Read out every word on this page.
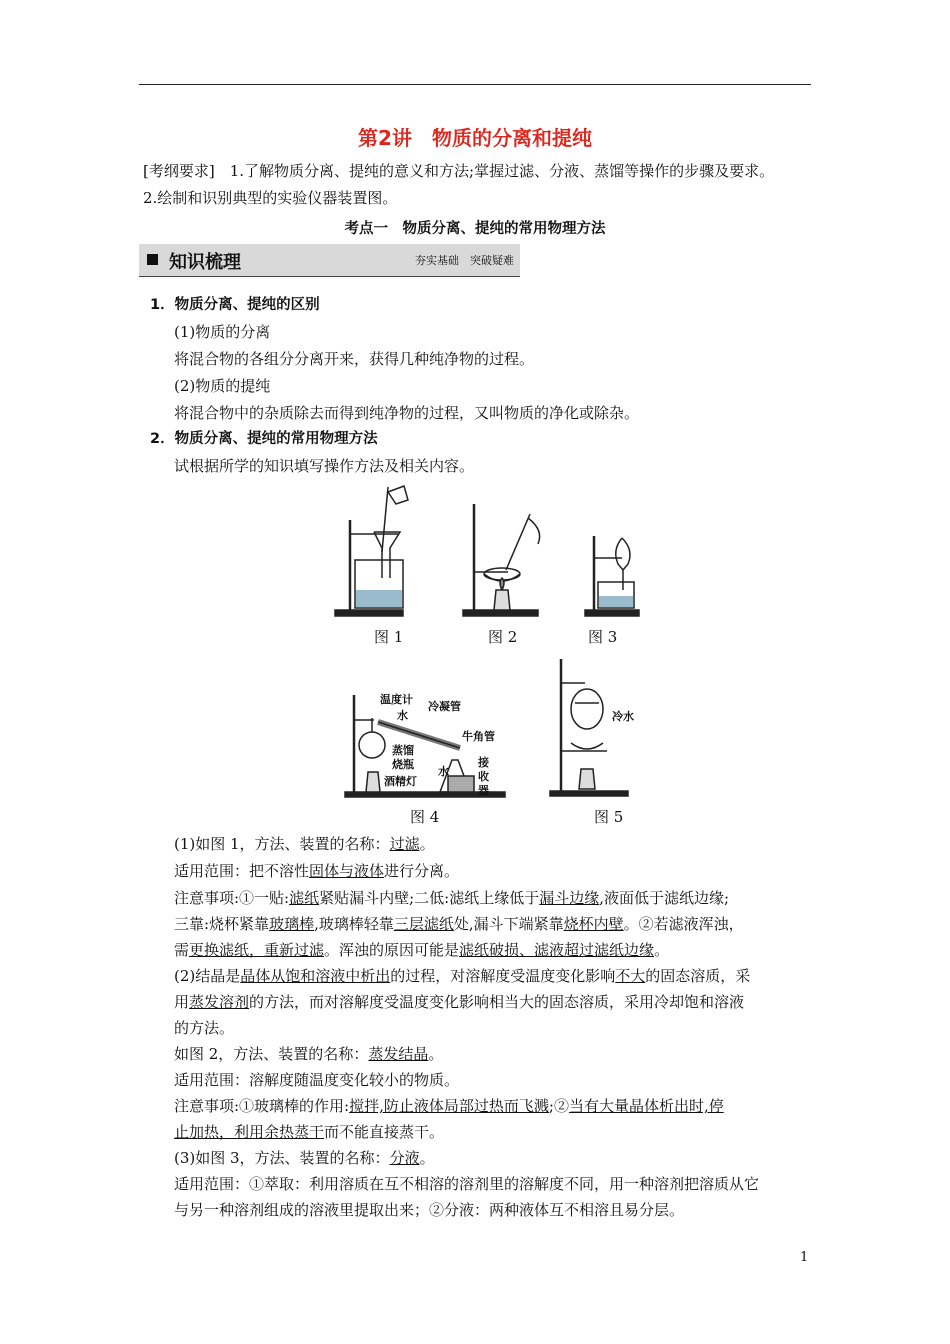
第2讲　物质的分离和提纯
[考纲要求]　1.了解物质分离、提纯的意义和方法;掌握过滤、分液、蒸馏等操作的步骤及要求。
2.绘制和识别典型的实验仪器装置图。
考点一　物质分离、提纯的常用物理方法
知识梳理	夯实基础　突破疑难
1．物质分离、提纯的区别
(1)物质的分离
将混合物的各组分分离开来，获得几种纯净物的过程。
(2)物质的提纯
将混合物中的杂质除去而得到纯净物的过程，又叫物质的净化或除杂。
2．物质分离、提纯的常用物理方法
试根据所学的知识填写操作方法及相关内容。
图 1	图 2	图 3
温度计
水
冷凝管
牛角管
蒸馏
烧瓶
酒精灯
水
接
收
器
冷水
图 4	图 5
(1)如图 1，方法、装置的名称：过滤。
适用范围：把不溶性固体与液体进行分离。
注意事项:①一贴:滤纸紧贴漏斗内壁;二低:滤纸上缘低于漏斗边缘,液面低于滤纸边缘;
三靠:烧杯紧靠玻璃棒,玻璃棒轻靠三层滤纸处,漏斗下端紧靠烧杯内壁。②若滤液浑浊，
需更换滤纸，重新过滤。浑浊的原因可能是滤纸破损、滤液超过滤纸边缘。
(2)结晶是晶体从饱和溶液中析出的过程，对溶解度受温度变化影响不大的固态溶质，采
用蒸发溶剂的方法，而对溶解度受温度变化影响相当大的固态溶质，采用冷却饱和溶液
的方法。
如图 2，方法、装置的名称：蒸发结晶。
适用范围：溶解度随温度变化较小的物质。
注意事项:①玻璃棒的作用:搅拌,防止液体局部过热而飞溅;②当有大量晶体析出时,停
止加热，利用余热蒸干而不能直接蒸干。
(3)如图 3，方法、装置的名称：分液。
适用范围：①萃取：利用溶质在互不相溶的溶剂里的溶解度不同，用一种溶剂把溶质从它
与另一种溶剂组成的溶液里提取出来；②分液：两种液体互不相溶且易分层。
1
